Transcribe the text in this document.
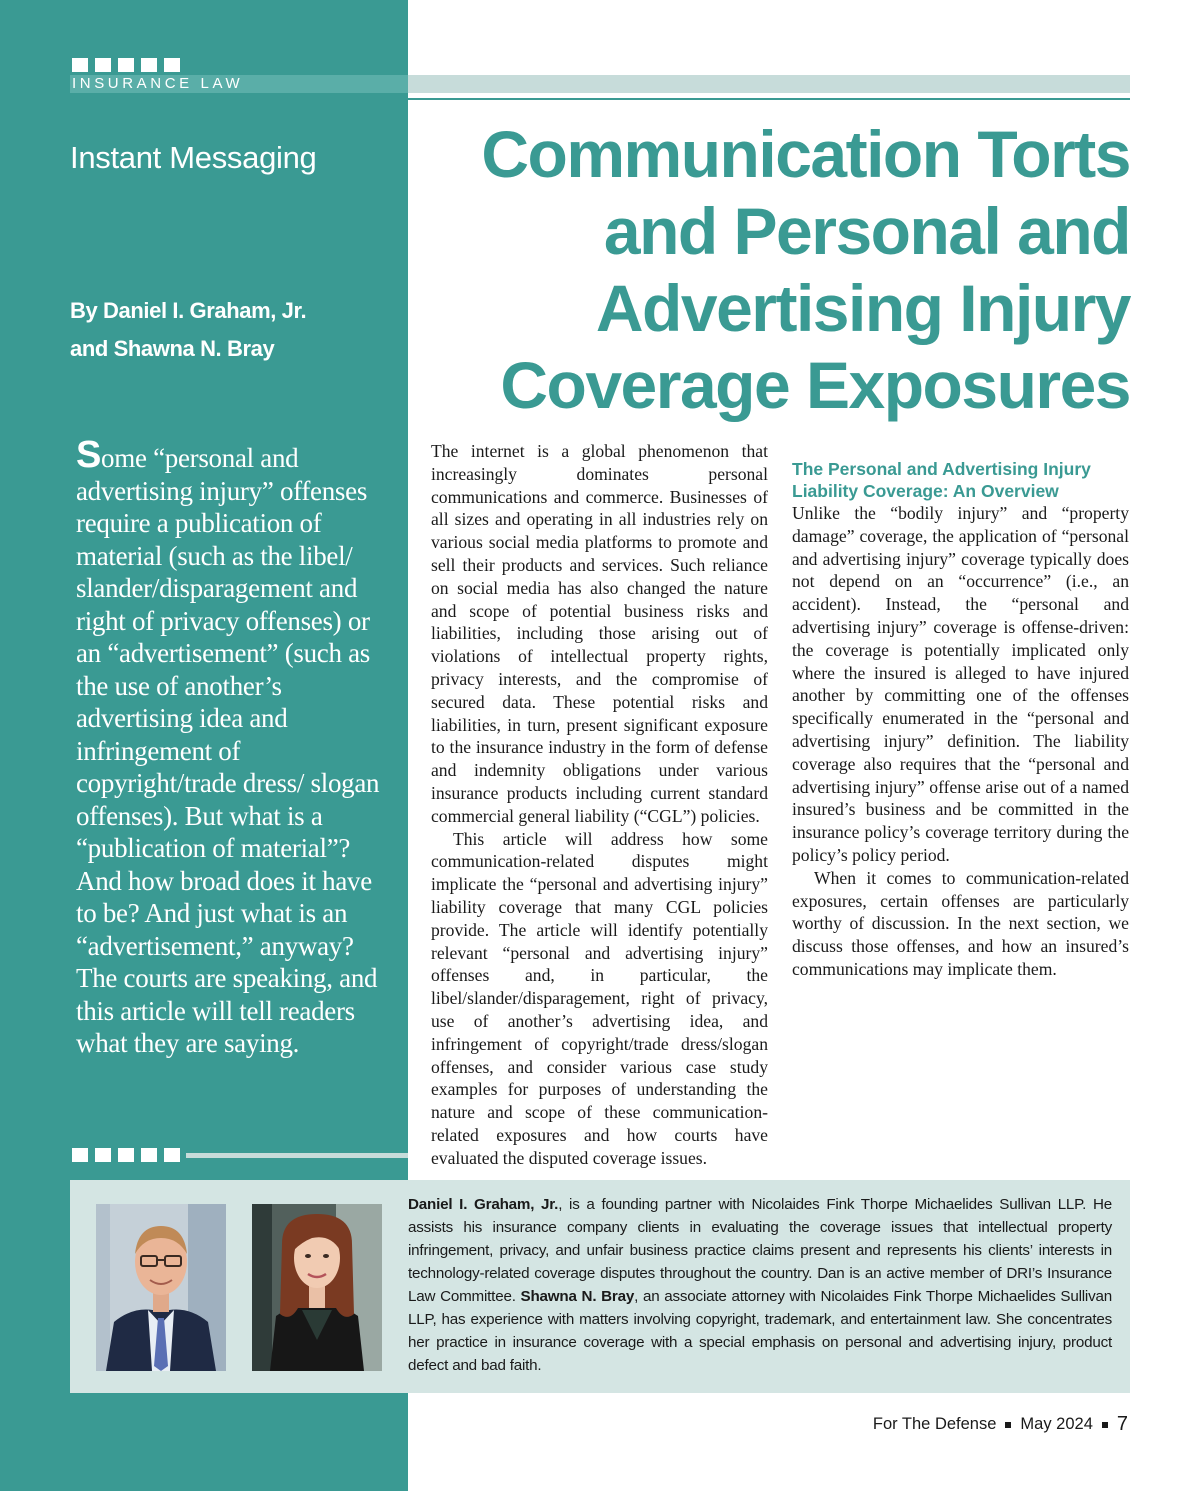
INSURANCE LAW
Instant Messaging
By Daniel I. Graham, Jr.
and Shawna N. Bray
Communication Torts
and Personal and
Advertising Injury
Coverage Exposures
Some “personal and advertising injury” offenses require a publication of material (such as the libel/ slander/disparagement and right of privacy offenses) or an “advertisement” (such as the use of another’s advertising idea and infringement of copyright/trade dress/ slogan offenses). But what is a “publication of material”? And how broad does it have to be? And just what is an “advertisement,” anyway? The courts are speaking, and this article will tell readers what they are saying.

The internet is a global phenomenon that increasingly dominates personal communications and commerce. Businesses of all sizes and operating in all industries rely on various social media platforms to promote and sell their products and services. Such reliance on social media has also changed the nature and scope of potential business risks and liabilities, including those arising out of violations of intellectual property rights, privacy interests, and the compromise of secured data. These potential risks and liabilities, in turn, present significant exposure to the insurance industry in the form of defense and indemnity obligations under various insurance products including current standard commercial general liability (“CGL”) policies.

This article will address how some communication-related disputes might implicate the “personal and advertising injury” liability coverage that many CGL policies provide. The article will identify potentially relevant “personal and advertising injury” offenses and, in particular, the libel/slander/disparagement, right of privacy, use of another’s advertising idea, and infringement of copyright/trade dress/slogan offenses, and consider various case study examples for purposes of understanding the nature and scope of these communication-related exposures and how courts have evaluated the disputed coverage issues.

The Personal and Advertising Injury Liability Coverage: An Overview

Unlike the “bodily injury” and “property damage” coverage, the application of “personal and advertising injury” coverage typically does not depend on an “occurrence” (i.e., an accident). Instead, the “personal and advertising injury” coverage is offense-driven: the coverage is potentially implicated only where the insured is alleged to have injured another by committing one of the offenses specifically enumerated in the “personal and advertising injury” definition. The liability coverage also requires that the “personal and advertising injury” offense arise out of a named insured’s business and be committed in the insurance policy’s coverage territory during the policy’s policy period.

When it comes to communication-related exposures, certain offenses are particularly worthy of discussion. In the next section, we discuss those offenses, and how an insured’s communications may implicate them.

Daniel I. Graham, Jr., is a founding partner with Nicolaides Fink Thorpe Michaelides Sullivan LLP. He assists his insurance company clients in evaluating the coverage issues that intellectual property infringement, privacy, and unfair business practice claims present and represents his clients’ interests in technology-related coverage disputes throughout the country. Dan is an active member of DRI’s Insurance Law Committee. Shawna N. Bray, an associate attorney with Nicolaides Fink Thorpe Michaelides Sullivan LLP, has experience with matters involving copyright, trademark, and entertainment law. She concentrates her practice in insurance coverage with a special emphasis on personal and advertising injury, product defect and bad faith.
For The Defense May 2024 7
